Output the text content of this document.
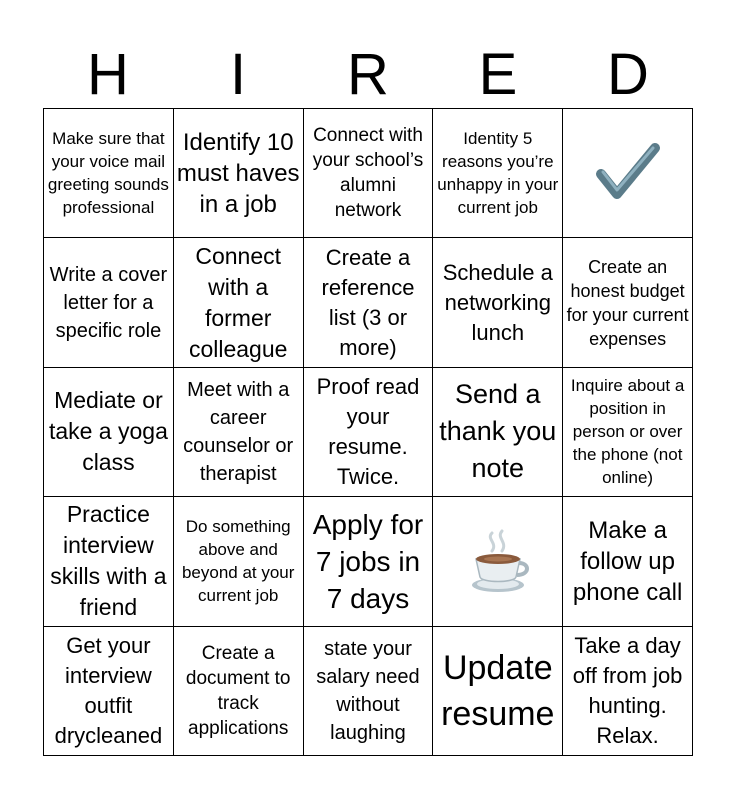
H	I	R	E	D
Make sure that your voice mail greeting sounds professional
Identify 10 must haves in a job
Connect with your school’s alumni network
Identity 5 reasons you’re unhappy in your current job
Write a cover letter for a specific role
Connect with a former colleague
Create a reference list (3 or more)
Schedule a networking lunch
Create an honest budget for your current expenses
Mediate or take a yoga class
Meet with a career counselor or therapist
Proof read your resume. Twice.
Send a thank you note
Inquire about a position in person or over the phone (not online)
Practice interview skills with a friend
Do something above and beyond at your current job
Apply for 7 jobs in 7 days
Make a follow up phone call
Get your interview outfit drycleaned
Create a document to track applications
state your salary need without laughing
Update resume
Take a day off from job hunting. Relax.
